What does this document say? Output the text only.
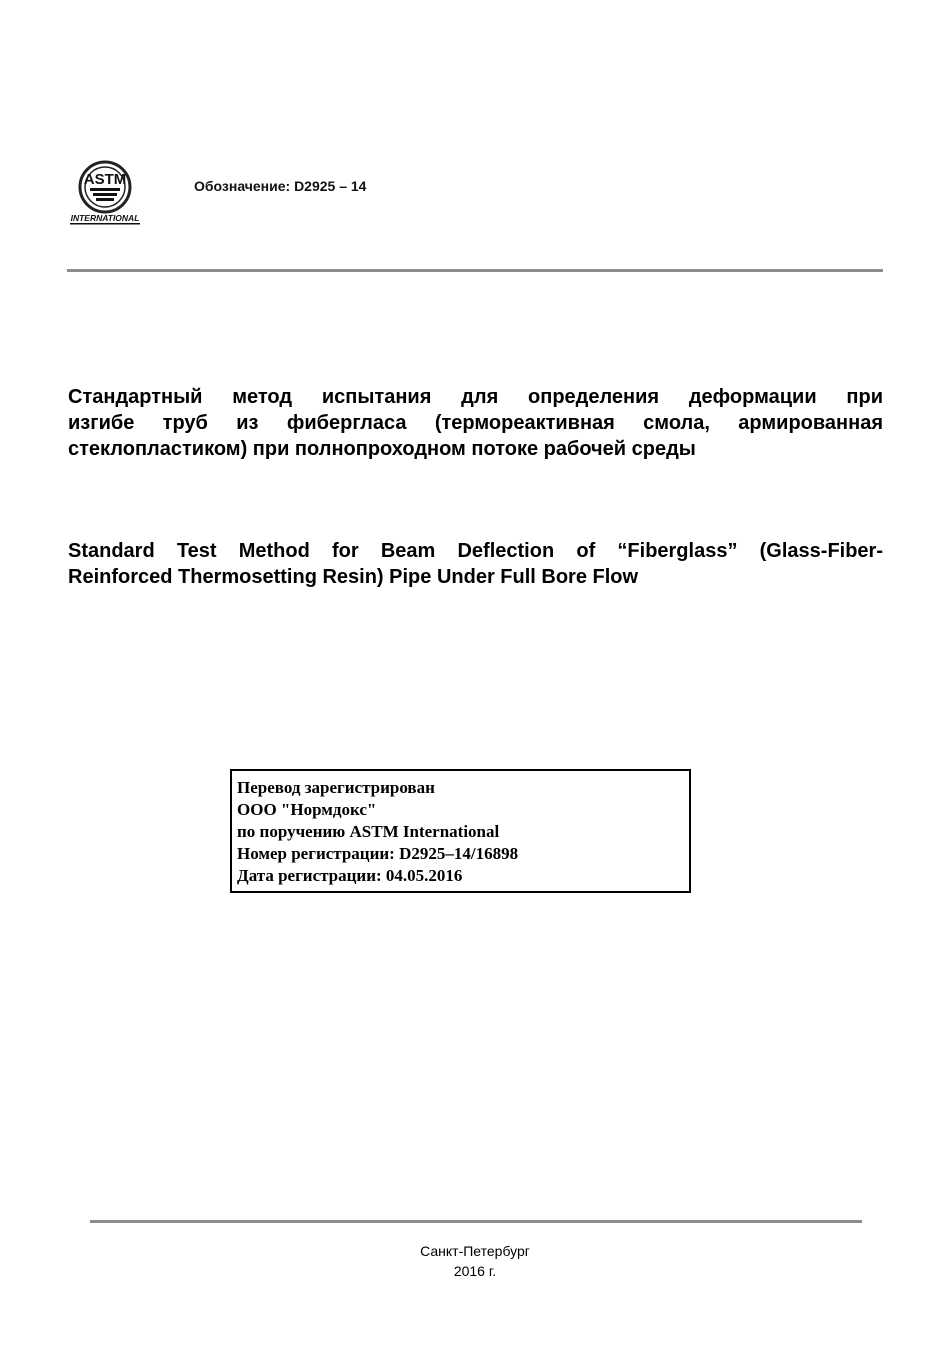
ASTM
INTERNATIONAL
Обозначение: D2925 – 14
Стандартный метод испытания для определения деформации при
изгибе труб из фибергласа (термореактивная смола, армированная
стеклопластиком) при полнопроходном потоке рабочей среды
Standard Test Method for Beam Deflection of “Fiberglass” (Glass-Fiber-
Reinforced Thermosetting Resin) Pipe Under Full Bore Flow
Перевод зарегистрирован
ООО "Нормдокс"
по поручению ASTM International
Номер регистрации: D2925–14/16898
Дата регистрации: 04.05.2016
Санкт-Петербург
2016 г.
